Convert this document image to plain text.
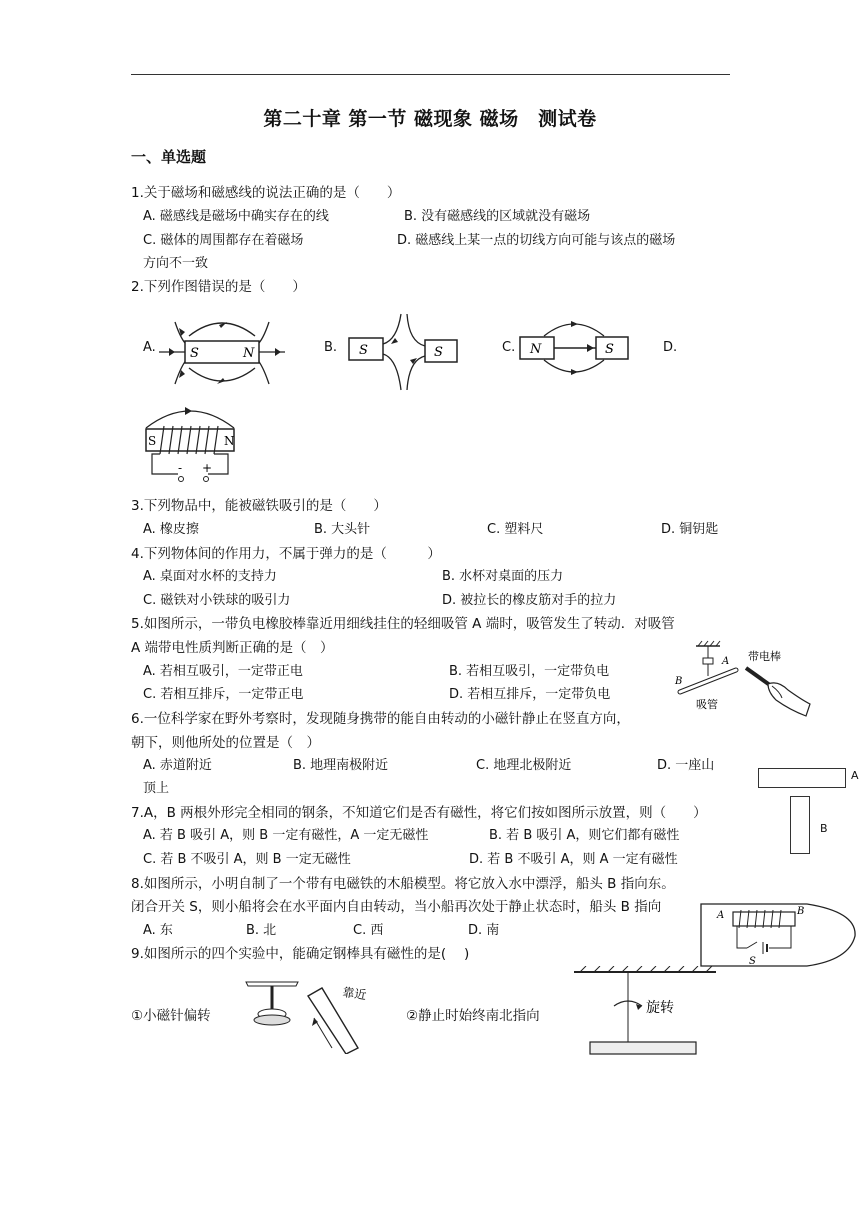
第二十章 第一节 磁现象 磁场　测试卷
一、单选题
1.关于磁场和磁感线的说法正确的是（　　）
A. 磁感线是磁场中确实存在的线	B. 没有磁感线的区域就没有磁场
C. 磁体的周围都存在着磁场	D. 磁感线上某一点的切线方向可能与该点的磁场
方向不一致
2.下列作图错误的是（　　）
A.	B.	C.	D.
S	N	S	S	N	S
S	N
- +
3.下列物品中，能被磁铁吸引的是（　　）
A. 橡皮擦	B. 大头针	C. 塑料尺	D. 铜钥匙
4.下列物体间的作用力，不属于弹力的是（　　　）
A. 桌面对水杯的支持力	B. 水杯对桌面的压力
C. 磁铁对小铁球的吸引力	D. 被拉长的橡皮筋对手的拉力
5.如图所示，一带负电橡胶棒靠近用细线挂住的轻细吸管 A 端时，吸管发生了转动．对吸管
A 端带电性质判断正确的是（　）
A. 若相互吸引，一定带正电	B. 若相互吸引，一定带负电
C. 若相互排斥，一定带正电	D. 若相互排斥，一定带负电
A
B
带电棒
吸管
6.一位科学家在野外考察时，发现随身携带的能自由转动的小磁针静止在竖直方向，
朝下，则他所处的位置是（　）
A. 赤道附近	B. 地理南极附近	C. 地理北极附近	D. 一座山
顶上
A
B
7.A，B 两根外形完全相同的钢条，不知道它们是否有磁性，将它们按如图所示放置，则（　　）
A. 若 B 吸引 A，则 B 一定有磁性，A 一定无磁性	B. 若 B 吸引 A，则它们都有磁性
C. 若 B 不吸引 A，则 B 一定无磁性	D. 若 B 不吸引 A，则 A 一定有磁性
8.如图所示，小明自制了一个带有电磁铁的木船模型。将它放入水中漂浮，船头 B 指向东。
闭合开关 S，则小船将会在水平面内自由转动，当小船再次处于静止状态时，船头 B 指向
A. 东	B. 北	C. 西	D. 南
A	B
S
9.如图所示的四个实验中，能确定钢棒具有磁性的是(　 )
①小磁针偏转	②静止时始终南北指向
靠近
旋转
